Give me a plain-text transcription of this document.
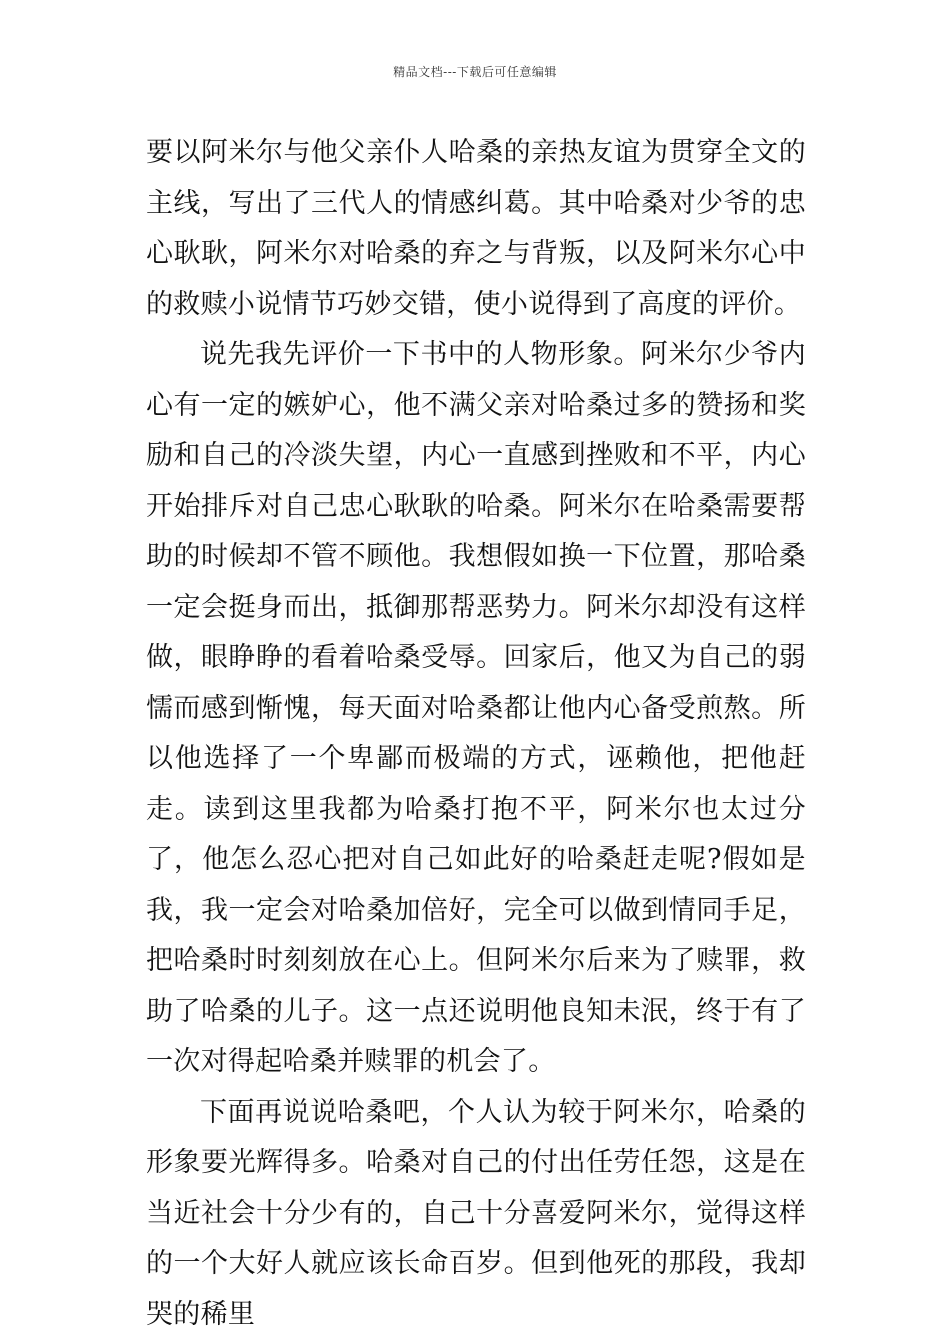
精品文档---下载后可任意编辑

要以阿米尔与他父亲仆人哈桑的亲热友谊为贯穿全文的主线，写出了三代人的情感纠葛。其中哈桑对少爷的忠心耿耿，阿米尔对哈桑的弃之与背叛，以及阿米尔心中的救赎小说情节巧妙交错，使小说得到了高度的评价。

说先我先评价一下书中的人物形象。阿米尔少爷内心有一定的嫉妒心，他不满父亲对哈桑过多的赞扬和奖励和自己的冷淡失望，内心一直感到挫败和不平，内心开始排斥对自己忠心耿耿的哈桑。阿米尔在哈桑需要帮助的时候却不管不顾他。我想假如换一下位置，那哈桑一定会挺身而出，抵御那帮恶势力。阿米尔却没有这样做，眼睁睁的看着哈桑受辱。回家后，他又为自己的弱懦而感到惭愧，每天面对哈桑都让他内心备受煎熬。所以他选择了一个卑鄙而极端的方式，诬赖他，把他赶走。读到这里我都为哈桑打抱不平，阿米尔也太过分了，他怎么忍心把对自己如此好的哈桑赶走呢?假如是我，我一定会对哈桑加倍好，完全可以做到情同手足，把哈桑时时刻刻放在心上。但阿米尔后来为了赎罪，救助了哈桑的儿子。这一点还说明他良知未泯，终于有了一次对得起哈桑并赎罪的机会了。

下面再说说哈桑吧，个人认为较于阿米尔，哈桑的形象要光辉得多。哈桑对自己的付出任劳任怨，这是在当近社会十分少有的，自己十分喜爱阿米尔，觉得这样的一个大好人就应该长命百岁。但到他死的那段，我却哭的稀里
